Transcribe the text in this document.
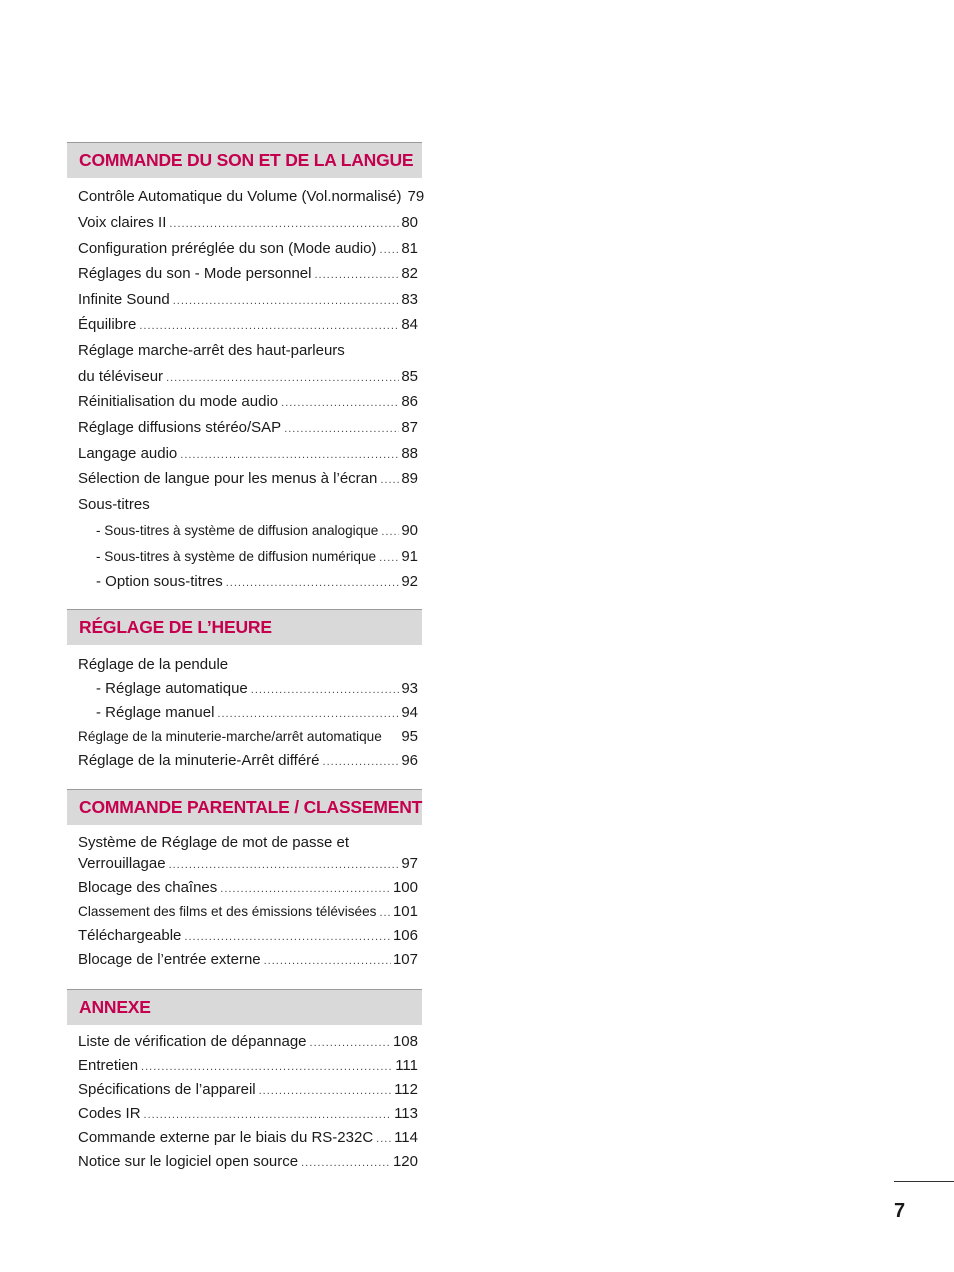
COMMANDE DU SON ET DE LA LANGUE
Contrôle Automatique du Volume (Vol.normalisé) 79
Voix claires II .....	80
Configuration préréglée du son (Mode audio) ..... 81
Réglages du son - Mode personnel .....	82
Infinite Sound .....	83
Équilibre .....	84
Réglage marche-arrêt des haut-parleurs
du téléviseur .....	85
Réinitialisation du mode audio .....	86
Réglage diffusions stéréo/SAP .....	87
Langage audio .....	88
Sélection de langue pour les menus à l’écran ..... 89
Sous-titres
- Sous-titres à système de diffusion analogique ..... 90
- Sous-titres à système de diffusion numérique ..... 91
- Option sous-titres .....	92
RÉGLAGE DE L’HEURE
Réglage de la pendule
- Réglage automatique .....	93
- Réglage manuel .....	94
Réglage de la minuterie-marche/arrêt automatique 95
Réglage de la minuterie-Arrêt différé .....	96
COMMANDE PARENTALE / CLASSEMENT
Système de Réglage de mot de passe et
Verrouillagae .....	97
Blocage des chaînes .....	100
Classement des films et des émissions télévisées ..... 101
Téléchargeable .....	106
Blocage de l’entrée externe .....	107
ANNEXE
Liste de vérification de dépannage .....	108
Entretien .....	111
Spécifications de l’appareil .....	112
Codes IR .....	113
Commande externe par le biais du RS-232C ..... 114
Notice sur le logiciel open source .....	120
7
